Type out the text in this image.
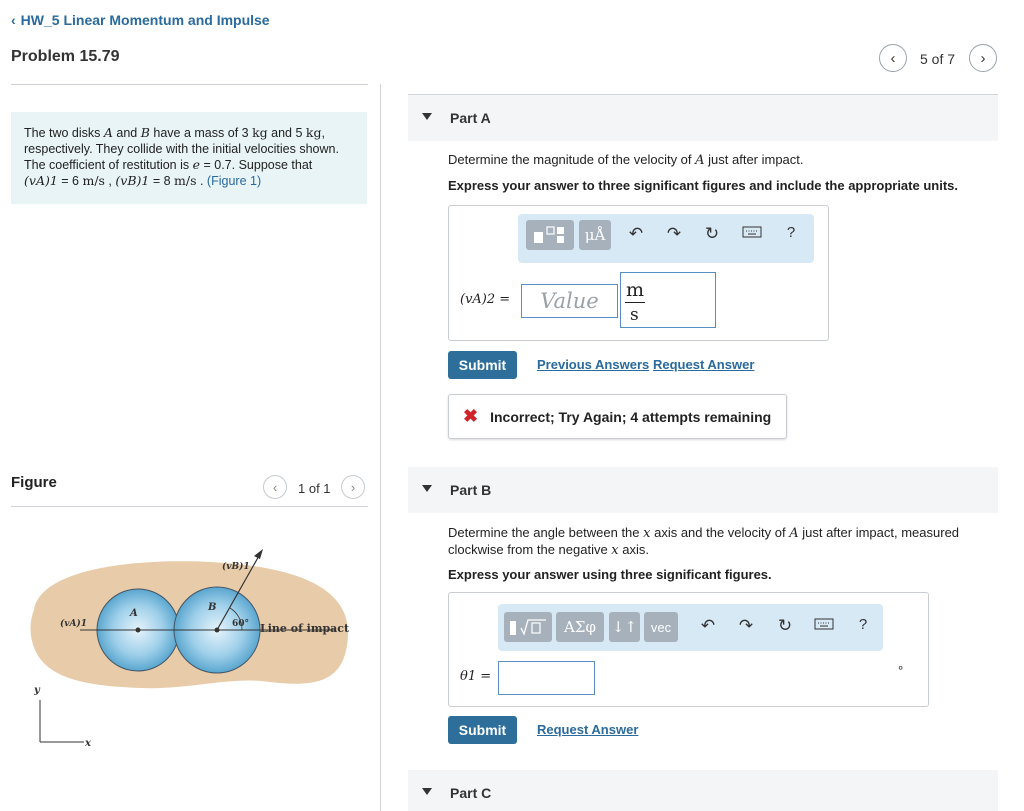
‹ HW_5 Linear Momentum and Impulse
Problem 15.79	‹ 5 of 7 ›
The two disks A and B have a mass of 3 kg and 5 kg,
respectively. They collide with the initial velocities shown.
The coefficient of restitution is e = 0.7. Suppose that
(vA)1 = 6 m/s , (vB)1 = 8 m/s . (Figure 1)
Figure	‹ 1 of 1 ›
(vA)1
(vB)1
A
B
60° Line of impact
y
x
Part A
Determine the magnitude of the velocity of A just after impact.
Express your answer to three significant figures and include the appropriate units.
μÅ	↶ ↷ ↻	?
(vA)2 =	Value	m
s
Submit	Previous Answers Request Answer
✖ Incorrect; Try Again; 4 attempts remaining
Part B
Determine the angle between the x axis and the velocity of A just after impact, measured
clockwise from the negative x axis.
Express your answer using three significant figures.
ΑΣφ	↓↑	vec	↶ ↷ ↻	?
θ1 =	°
Submit	Request Answer
Part C
